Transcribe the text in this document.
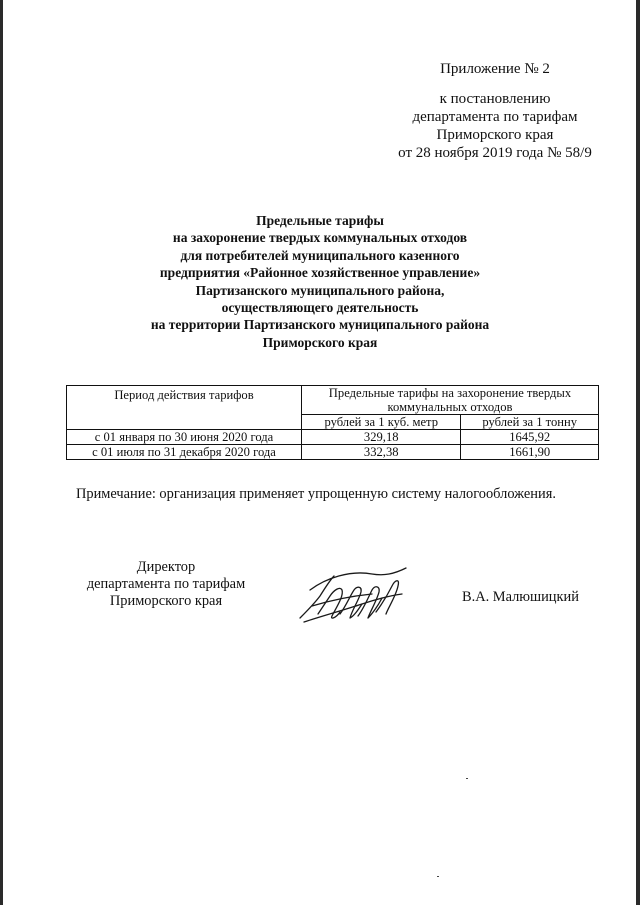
Приложение № 2
к постановлению
департамента по тарифам
Приморского края
от 28 ноября 2019 года № 58/9
Предельные тарифы
на захоронение твердых коммунальных отходов
для потребителей муниципального казенного
предприятия «Районное хозяйственное управление»
Партизанского муниципального района,
осуществляющего деятельность
на территории Партизанского муниципального района
Приморского края
Период действия тарифов	Предельные тарифы на захоронение твердых коммунальных отходов	
	рублей за 1 куб. метр	рублей за 1 тонну
с 01 января по 30 июня 2020 года	329,18	1645,92
с 01 июля по 31 декабря 2020 года	332,38	1661,90
Примечание: организация применяет упрощенную систему налогообложения.
Директор
департамента по тарифам
Приморского края	В.А. Малюшицкий
